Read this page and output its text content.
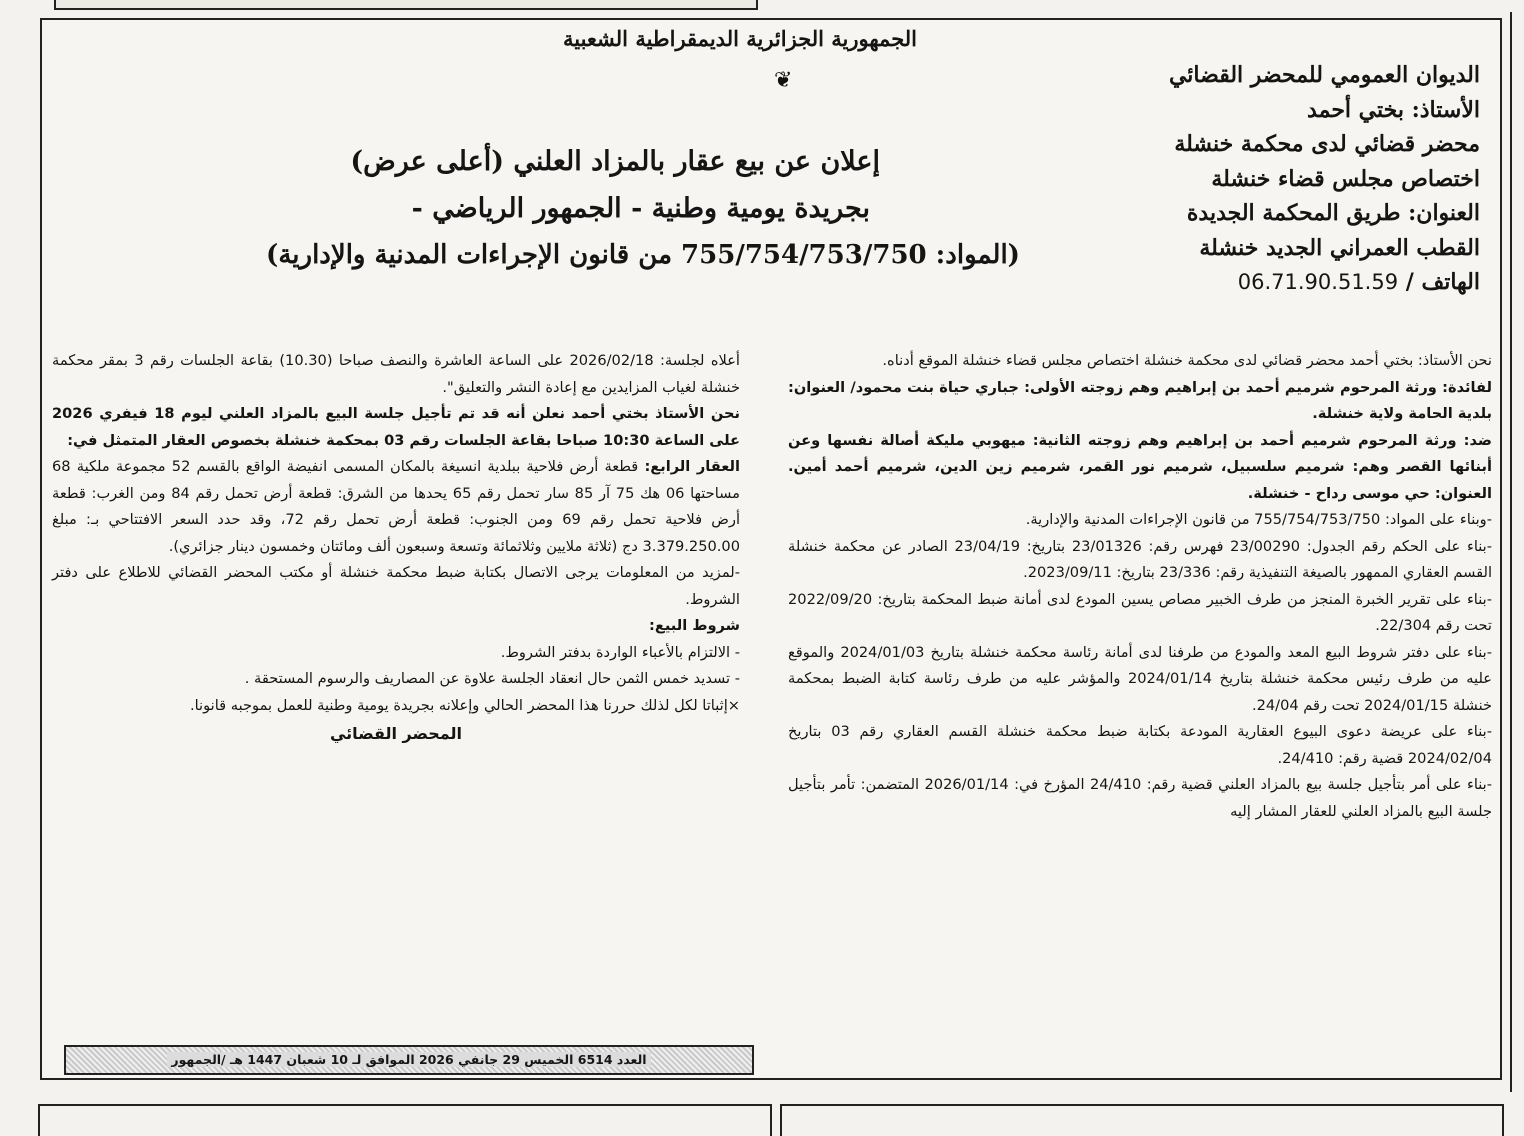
الجمهورية الجزائرية الديمقراطية الشعبية
❦	الديوان العمومي للمحضر القضائي
الأستاذ: بختي أحمد
محضر قضائي لدى محكمة خنشلة
اختصاص مجلس قضاء خنشلة
العنوان: طريق المحكمة الجديدة
القطب العمراني الجديد خنشلة
الهاتف / 06.71.90.51.59
إعلان عن بيع عقار بالمزاد العلني (أعلى عرض)
بجريدة يومية وطنية - الجمهور الرياضي -
(المواد: 755/754/753/750 من قانون الإجراءات المدنية والإدارية)

نحن الأستاذ: بختي أحمد محضر قضائي لدى محكمة خنشلة اختصاص مجلس قضاء خنشلة الموقع أدناه.

لفائدة: ورثة المرحوم شرميم أحمد بن إبراهيم وهم زوجته الأولى: جباري حياة بنت محمود/ العنوان: بلدية الحامة ولاية خنشلة.

ضد: ورثة المرحوم شرميم أحمد بن إبراهيم وهم زوجته الثانية: ميهوبي مليكة أصالة نفسها وعن أبنائها القصر وهم: شرميم سلسبيل، شرميم نور القمر، شرميم زين الدين، شرميم أحمد أمين. العنوان: حي موسى رداح - خنشلة.

-وبناء على المواد: 755/754/753/750 من قانون الإجراءات المدنية والإدارية.

-بناء على الحكم رقم الجدول: 23/00290 فهرس رقم: 23/01326 بتاريخ: 23/04/19 الصادر عن محكمة خنشلة القسم العقاري الممهور بالصيغة التنفيذية رقم: 23/336 بتاريخ: 2023/09/11.

-بناء على تقرير الخبرة المنجز من طرف الخبير مصاص يسين المودع لدى أمانة ضبط المحكمة بتاريخ: 2022/09/20 تحت رقم 22/304.

-بناء على دفتر شروط البيع المعد والمودع من طرفنا لدى أمانة رئاسة محكمة خنشلة بتاريخ 2024/01/03 والموقع عليه من طرف رئيس محكمة خنشلة بتاريخ 2024/01/14 والمؤشر عليه من طرف رئاسة كتابة الضبط بمحكمة خنشلة 2024/01/15 تحت رقم 24/04.

-بناء على عريضة دعوى البيوع العقارية المودعة بكتابة ضبط محكمة خنشلة القسم العقاري رقم 03 بتاريخ 2024/02/04 قضية رقم: 24/410.

-بناء على أمر بتأجيل جلسة بيع بالمزاد العلني قضية رقم: 24/410 المؤرخ في: 2026/01/14 المتضمن: تأمر بتأجيل جلسة البيع بالمزاد العلني للعقار المشار إليه

أعلاه لجلسة: 2026/02/18 على الساعة العاشرة والنصف صباحا (10.30) بقاعة الجلسات رقم 3 بمقر محكمة خنشلة لغياب المزايدين مع إعادة النشر والتعليق".

نحن الأستاذ بختي أحمد نعلن أنه قد تم تأجيل جلسة البيع بالمزاد العلني ليوم 18 فيفري 2026 على الساعة 10:30 صباحا بقاعة الجلسات رقم 03 بمحكمة خنشلة بخصوص العقار المتمثل في:

العقار الرابع: قطعة أرض فلاحية ببلدية انسيغة بالمكان المسمى انفيضة الواقع بالقسم 52 مجموعة ملكية 68 مساحتها 06 هك 75 آر 85 سار تحمل رقم 65 يحدها من الشرق: قطعة أرض تحمل رقم 84 ومن الغرب: قطعة أرض فلاحية تحمل رقم 69 ومن الجنوب: قطعة أرض تحمل رقم 72، وقد حدد السعر الافتتاحي بـ: مبلغ 3.379.250.00 دج (ثلاثة ملايين وثلاثمائة وتسعة وسبعون ألف ومائتان وخمسون دينار جزائري).

-لمزيد من المعلومات يرجى الاتصال بكتابة ضبط محكمة خنشلة أو مكتب المحضر القضائي للاطلاع على دفتر الشروط.

شروط البيع:

- الالتزام بالأعباء الواردة بدفتر الشروط.

- تسديد خمس الثمن حال انعقاد الجلسة علاوة عن المصاريف والرسوم المستحقة .

×إثباتا لكل لذلك حررنا هذا المحضر الحالي وإعلانه بجريدة يومية وطنية للعمل بموجبه قانونا.

المحضر القضائي
العدد 6514 الخميس 29 جانفي 2026 الموافق لـ 10 شعبان 1447 هـ /الجمهور
